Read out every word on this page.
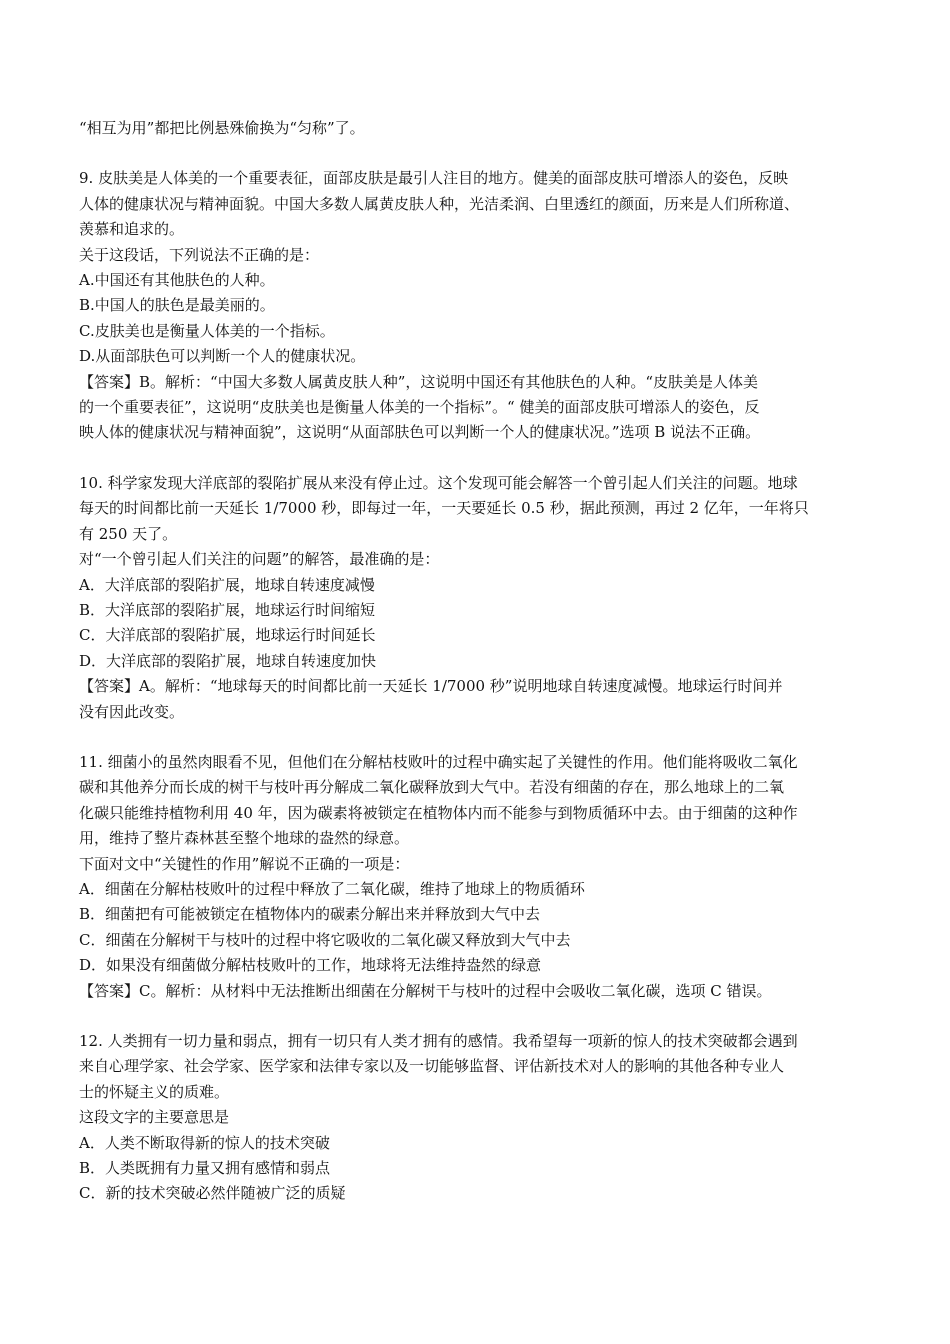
“相互为用”都把比例悬殊偷换为“匀称”了。
9. 皮肤美是人体美的一个重要表征，面部皮肤是最引人注目的地方。健美的面部皮肤可增添人的姿色，反映
人体的健康状况与精神面貌。中国大多数人属黄皮肤人种，光洁柔润、白里透红的颜面，历来是人们所称道、
羡慕和追求的。
关于这段话，下列说法不正确的是：
A.中国还有其他肤色的人种。
B.中国人的肤色是最美丽的。
C.皮肤美也是衡量人体美的一个指标。
D.从面部肤色可以判断一个人的健康状况。
【答案】B。解析：“中国大多数人属黄皮肤人种”，这说明中国还有其他肤色的人种。“皮肤美是人体美
的一个重要表征”，这说明“皮肤美也是衡量人体美的一个指标”。“ 健美的面部皮肤可增添人的姿色，反
映人体的健康状况与精神面貌”，这说明“从面部肤色可以判断一个人的健康状况。”选项 B 说法不正确。
10. 科学家发现大洋底部的裂陷扩展从来没有停止过。这个发现可能会解答一个曾引起人们关注的问题。地球
每天的时间都比前一天延长 1/7000 秒，即每过一年，一天要延长 0.5 秒，据此预测，再过 2 亿年，一年将只
有 250 天了。
对“一个曾引起人们关注的问题”的解答，最准确的是：
A．大洋底部的裂陷扩展，地球自转速度减慢
B．大洋底部的裂陷扩展，地球运行时间缩短
C．大洋底部的裂陷扩展，地球运行时间延长
D．大洋底部的裂陷扩展，地球自转速度加快
【答案】A。解析：“地球每天的时间都比前一天延长 1/7000 秒”说明地球自转速度减慢。地球运行时间并
没有因此改变。
11. 细菌小的虽然肉眼看不见，但他们在分解枯枝败叶的过程中确实起了关键性的作用。他们能将吸收二氧化
碳和其他养分而长成的树干与枝叶再分解成二氧化碳释放到大气中。若没有细菌的存在，那么地球上的二氧
化碳只能维持植物利用 40 年，因为碳素将被锁定在植物体内而不能参与到物质循环中去。由于细菌的这种作
用，维持了整片森林甚至整个地球的盎然的绿意。
下面对文中“关键性的作用”解说不正确的一项是：
A．细菌在分解枯枝败叶的过程中释放了二氧化碳，维持了地球上的物质循环
B．细菌把有可能被锁定在植物体内的碳素分解出来并释放到大气中去
C．细菌在分解树干与枝叶的过程中将它吸收的二氧化碳又释放到大气中去
D．如果没有细菌做分解枯枝败叶的工作，地球将无法维持盎然的绿意
【答案】C。解析：从材料中无法推断出细菌在分解树干与枝叶的过程中会吸收二氧化碳，选项 C 错误。
12. 人类拥有一切力量和弱点，拥有一切只有人类才拥有的感情。我希望每一项新的惊人的技术突破都会遇到
来自心理学家、社会学家、医学家和法律专家以及一切能够监督、评估新技术对人的影响的其他各种专业人
士的怀疑主义的质难。
这段文字的主要意思是
A．人类不断取得新的惊人的技术突破
B．人类既拥有力量又拥有感情和弱点
C．新的技术突破必然伴随被广泛的质疑
